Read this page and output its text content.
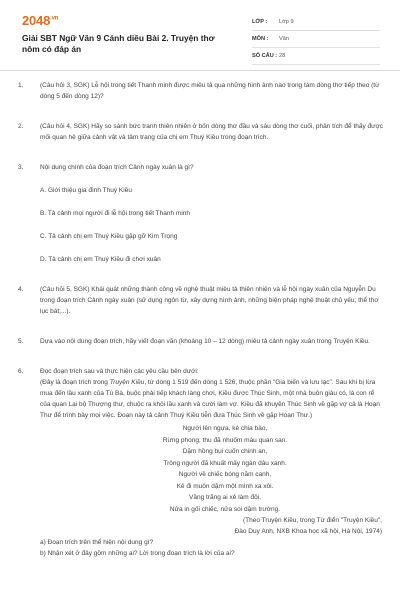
$2048^{.vn}$
Giải SBT Ngữ Văn 9 Cánh diều Bài 2. Truyện thơ nôm có đáp án
LỚP :	Lớp 9
MÔN :	Văn
SỐ CÂU : 28
1.	(Câu hỏi 3, SGK) Lễ hội trong tiết Thanh minh được miêu tả qua những hình ảnh nào trong tám dòng thơ tiếp theo (từ dòng 5 đến dòng 12)?
2.	(Câu hỏi 4, SGK) Hãy so sánh bức tranh thiên nhiên ở bốn dòng thơ đầu và sáu dòng thơ cuối, phân tích để thấy được mối quan hệ giữa cảnh vật và tâm trạng của chị em Thuý Kiều trong đoạn trích.
3.	Nội dung chính của đoạn trích Cảnh ngày xuân là gì?
A. Giới thiệu gia đình Thuý Kiều
B. Tả cảnh mọi người đi lễ hội trong tiết Thanh minh
C. Tả cảnh chị em Thuý Kiều gặp gỡ Kim Trọng
D. Tả cảnh chị em Thuý Kiều đi chơi xuân
4.	(Câu hỏi 5, SGK) Khái quát những thành công về nghệ thuật miêu tả thiên nhiên và lễ hội ngày xuân của Nguyễn Du trong đoạn trích Cảnh ngày xuân (sử dụng ngôn từ, xây dựng hình ảnh, những biện pháp nghệ thuật chủ yếu; thể thơ lục bát;...).
5.	Dựa vào nội dung đoạn trích, hãy viết đoạn văn (khoảng 10 – 12 dòng) miêu tả cảnh ngày xuân trong Truyện Kiều.
6.	Đọc đoạn trích sau và thực hiện các yêu cầu bên dưới:
(Đây là đoạn trích trong Truyện Kiều, từ dòng 1 519 đến dòng 1 526, thuộc phần "Gia biến và lưu lạc". Sau khi bị lừa mua đến lầu xanh của Tú Bà, buộc phải tiếp khách làng chơi, Kiều được Thúc Sinh, một nhà buôn giàu có, là con rể của quan Lại bộ Thượng thư, chuộc ra khỏi lầu xanh và cưới làm vợ. Kiều đã khuyên Thúc Sinh về gặp vợ cả là Hoạn Thư để trình bày mọi việc. Đoạn này tả cảnh Thuý Kiều tiễn đưa Thúc Sinh về gặp Hoạn Thư.)
Người lên ngựa, kẻ chia bào,
Rừng phong, thu đã nhuốm màu quan san.
Dặm hồng bụi cuốn chinh an,
Trông người đã khuất mấy ngàn dâu xanh.
Người về chiếc bóng năm canh,
Kẻ đi muôn dặm một mình xa xôi.
Vầng trăng ai xẻ làm đôi,
Nửa in gối chiếc, nửa soi dặm trường.
(Theo Truyện Kiều, trong Từ điển "Truyện Kiều",
Đào Duy Anh, NXB Khoa học xã hội, Hà Nội, 1974)
a) Đoạn trích trên thể hiện nội dung gì?
b) Nhận xét ở đây gồm những ai? Lời trong đoạn trích là lời của ai?
